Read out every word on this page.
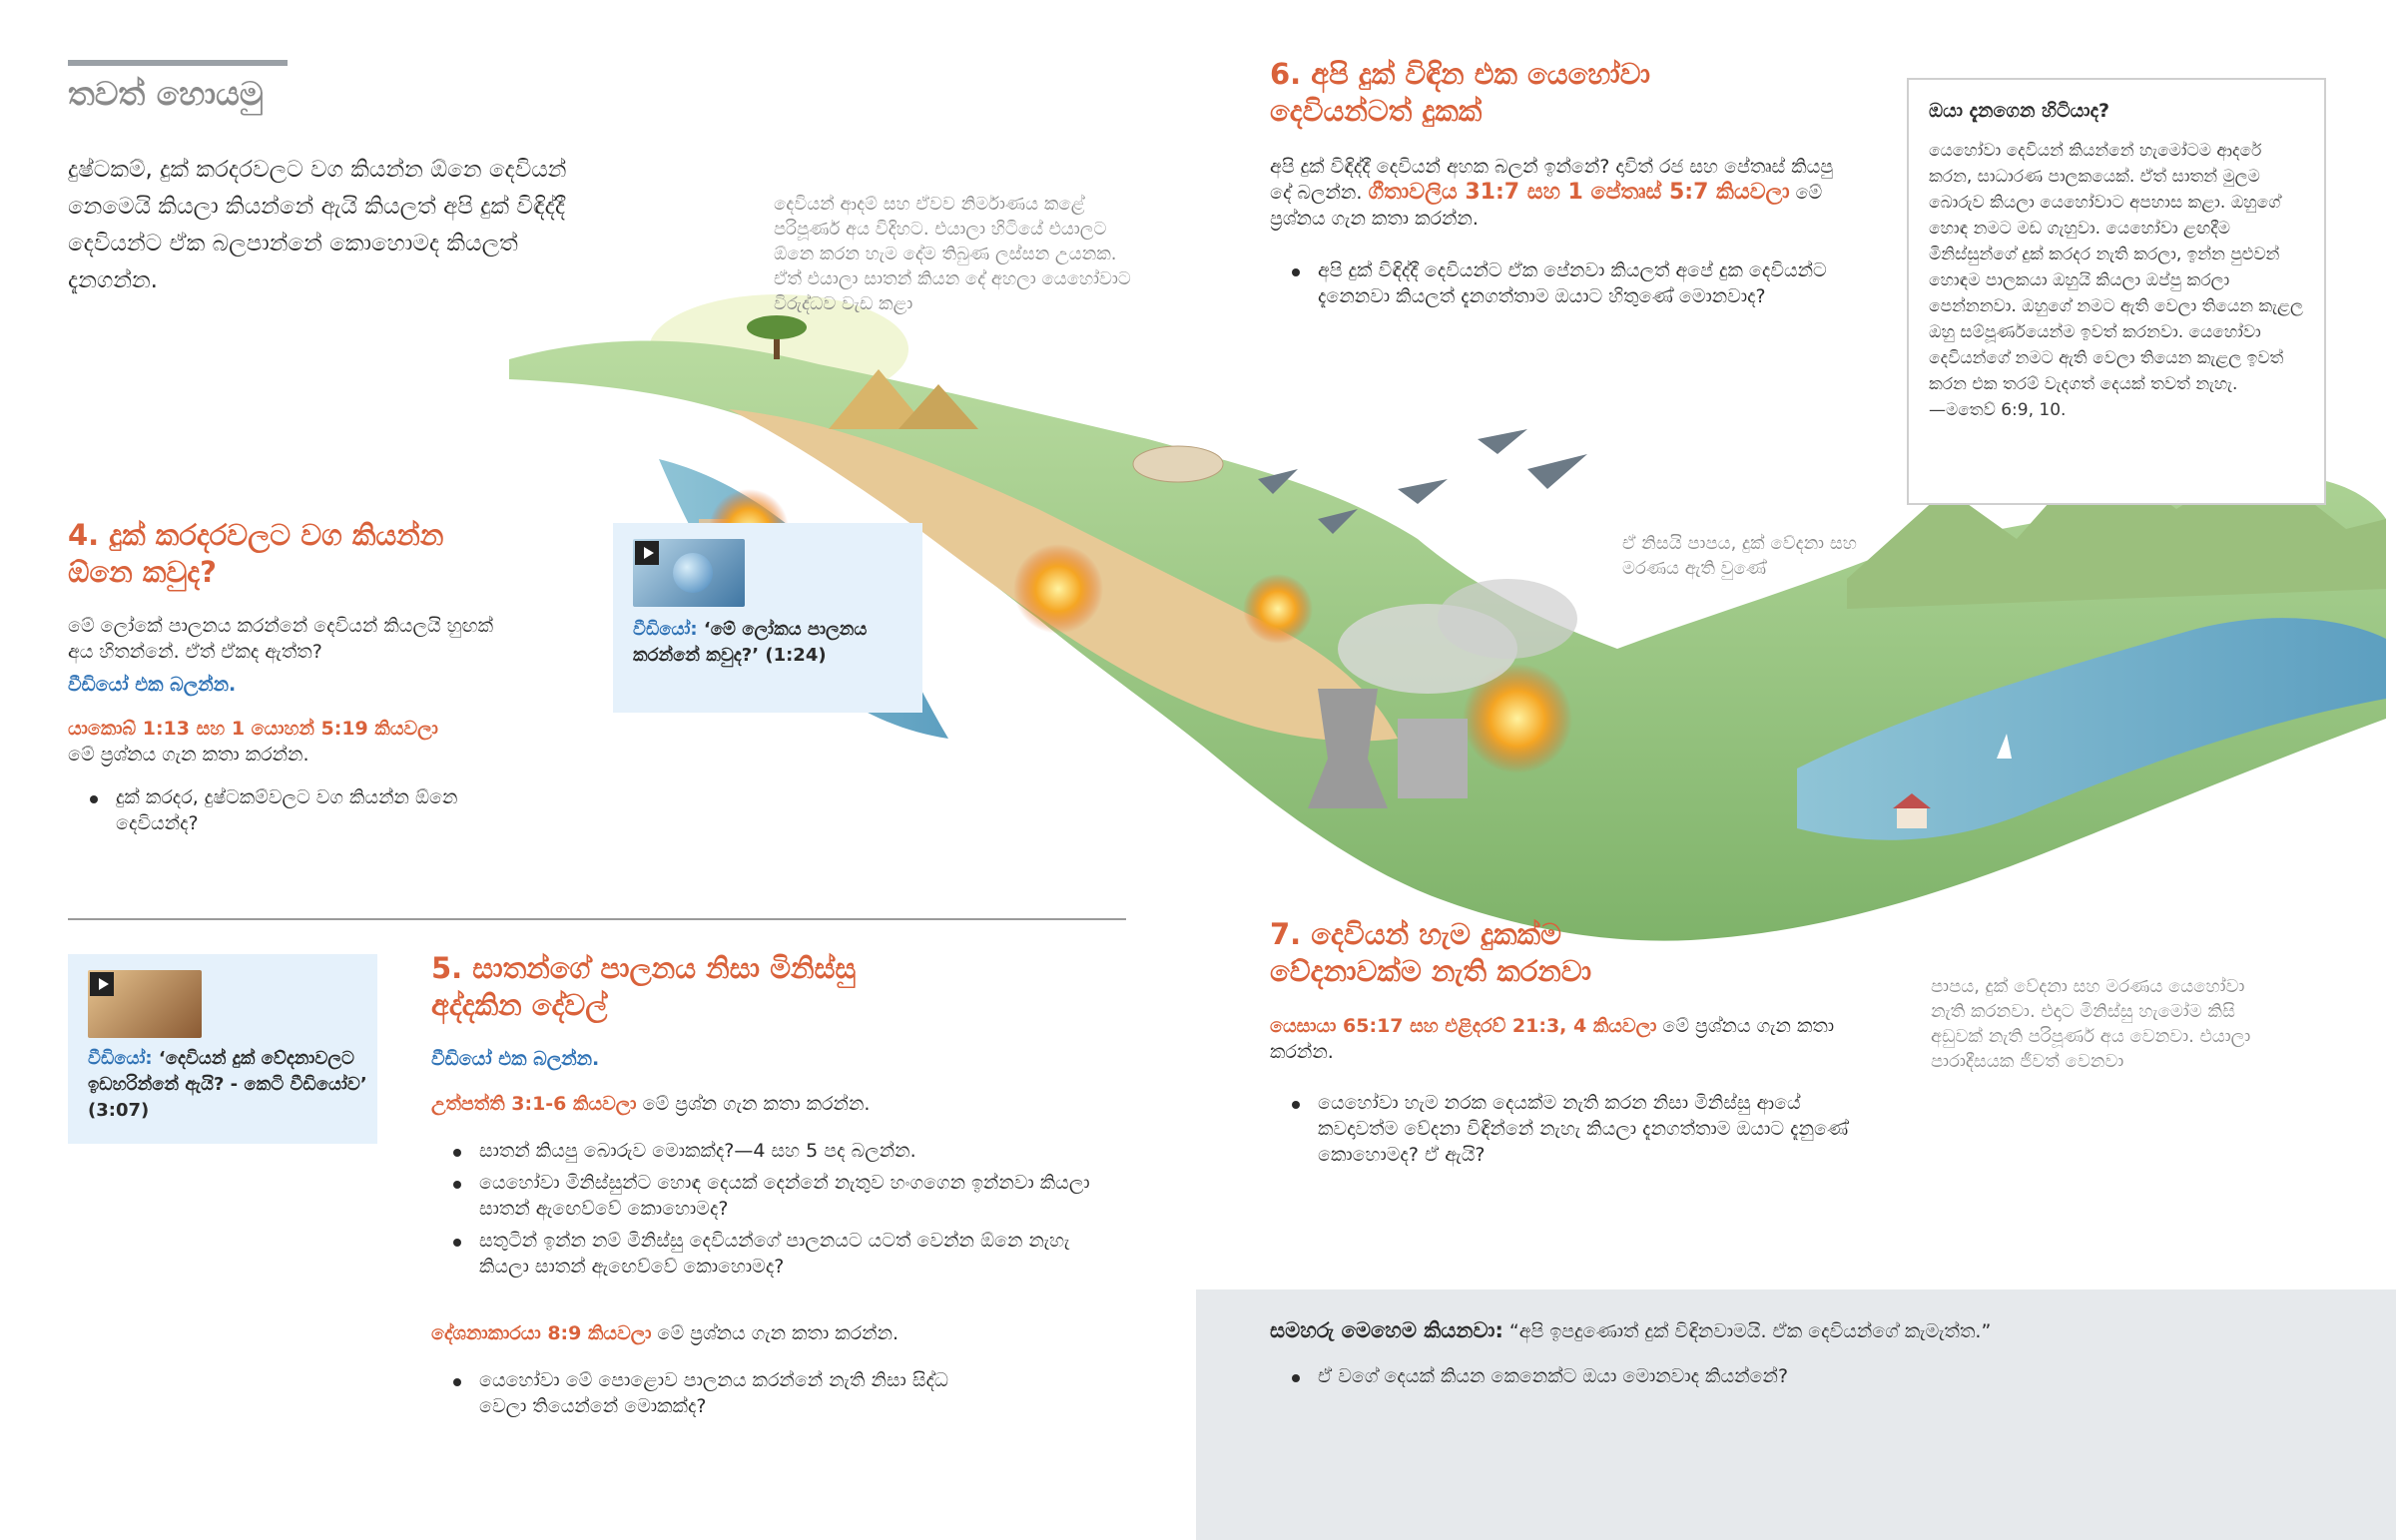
තවත් හොයමු
දුෂ්ටකම්, දුක් කරදරවලට වග කියන්න ඕනෙ දෙවියන් නෙමෙයි කියලා කියන්නේ ඇයි කියලත් අපි දුක් විඳිද්දී දෙවියන්ට ඒක බලපාන්නේ කොහොමද කියලත් දැනගන්න.
දෙවියන් ආදම් සහ ඒවව නිර්මාණය කළේ පරිපූර්ණ අය විදිහට. එයාලා හිටියේ එයාලට ඕනෙ කරන හැම දේම තිබුණ ලස්සන උයනක. ඒත් එයාලා සාතන් කියන දේ අහලා යෙහෝවාට විරුද්ධව වැඩ කළා
ඒ නිසයි පාපය, දුක් වේදනා සහ මරණය ඇති වුණේ
පාපය, දුක් වේදනා සහ මරණය යෙහෝවා නැති කරනවා. එදාට මිනිස්සු හැමෝම කිසි අඩුවක් නැති පරිපූර්ණ අය වෙනවා. එයාලා පාරාදීසයක ජීවත් වෙනවා
4. දුක් කරදරවලට වග කියන්න ඕනෙ කවුද?
මේ ලෝකේ පාලනය කරන්නේ දෙවියන් කියලයි හුඟක් අය හිතන්නේ. ඒත් ඒකද ඇත්ත?
වීඩියෝ එක බලන්න.
යාකොබ් 1:13 සහ 1 යොහන් 5:19 කියවලා
මේ ප්‍රශ්නය ගැන කතා කරන්න.
දුක් කරදර, දුෂ්ටකම්වලට වග කියන්න ඕනෙ දෙවියන්ද?
වීඩියෝ: ‘මේ ලෝකය පාලනය කරන්නේ කවුද?’ (1:24)
වීඩියෝ: ‘දෙවියන් දුක් වේදනාවලට ඉඩහරින්නේ ඇයි? - කෙටි වීඩියෝව’ (3:07)
5. සාතන්ගේ පාලනය නිසා මිනිස්සු අද්දකින දේවල්
වීඩියෝ එක බලන්න.
උත්පත්ති 3:1-6 කියවලා මේ ප්‍රශ්න ගැන කතා කරන්න.
සාතන් කියපු බොරුව මොකක්ද?—4 සහ 5 පද බලන්න.
යෙහෝවා මිනිස්සුන්ට හොඳ දෙයක් දෙන්නේ නැතුව හංගගෙන ඉන්නවා කියලා සාතන් ඇඟෙව්වේ කොහොමද?
සතුටින් ඉන්න නම් මිනිස්සු දෙවියන්ගේ පාලනයට යටත් වෙන්න ඕනෙ නැහැ කියලා සාතන් ඇඟෙව්වේ කොහොමද?
දේශනාකාරයා 8:9 කියවලා මේ ප්‍රශ්නය ගැන කතා කරන්න.
යෙහෝවා මේ පොළොව පාලනය කරන්නේ නැති නිසා සිද්ධ වෙලා තියෙන්නේ මොකක්ද?
6. අපි දුක් විඳින එක යෙහෝවා දෙවියන්ටත් දුකක්
අපි දුක් විඳිද්දී දෙවියන් අහක බලන් ඉන්නේ? දාවිත් රජ සහ පේතෘස් කියපු දේ බලන්න. ගීතාවලිය 31:7 සහ 1 පේතෘස් 5:7 කියවලා මේ ප්‍රශ්නය ගැන කතා කරන්න.
අපි දුක් විඳිද්දී දෙවියන්ට ඒක පේනවා කියලත් අපේ දුක දෙවියන්ට දැනෙනවා කියලත් දැනගත්තාම ඔයාට හිතුණේ මොනවාද?
ඔයා දැනගෙන හිටියාද?
යෙහෝවා දෙවියන් කියන්නේ හැමෝටම ආදරේ කරන, සාධාරණ පාලකයෙක්. ඒත් සාතන් මුලම බොරුව කියලා යෙහෝවාට අපහාස කළා. ඔහුගේ හොඳ නමට මඩ ගැහුවා. යෙහෝවා ළඟදීම මිනිස්සුන්ගේ දුක් කරදර නැති කරලා, ඉන්න පුළුවන් හොඳම පාලකයා ඔහුයි කියලා ඔප්පු කරලා පෙන්නනවා. ඔහුගේ නමට ඇති වෙලා තියෙන කැළල ඔහු සම්පූර්ණයෙන්ම ඉවත් කරනවා. යෙහෝවා දෙවියන්ගේ නමට ඇති වෙලා තියෙන කැළල ඉවත් කරන එක තරම් වැදගත් දෙයක් තවත් නැහැ.
—මතෙව් 6:9, 10.
7. දෙවියන් හැම දුකක්ම වේදනාවක්ම නැති කරනවා
යෙසායා 65:17 සහ එළිදරව් 21:3, 4 කියවලා මේ ප්‍රශ්නය ගැන කතා කරන්න.
යෙහෝවා හැම නරක දෙයක්ම නැති කරන නිසා මිනිස්සු ආයේ කවදාවත්ම වේදනා විඳින්නේ නැහැ කියලා දැනගත්තාම ඔයාට දැනුණේ කොහොමද? ඒ ඇයි?
සමහරු මෙහෙම කියනවා: “අපි ඉපදුණොත් දුක් විඳිනවාමයි. ඒක දෙවියන්ගේ කැමැත්ත.”
ඒ වගේ දෙයක් කියන කෙනෙක්ට ඔයා මොනවාද කියන්නේ?
